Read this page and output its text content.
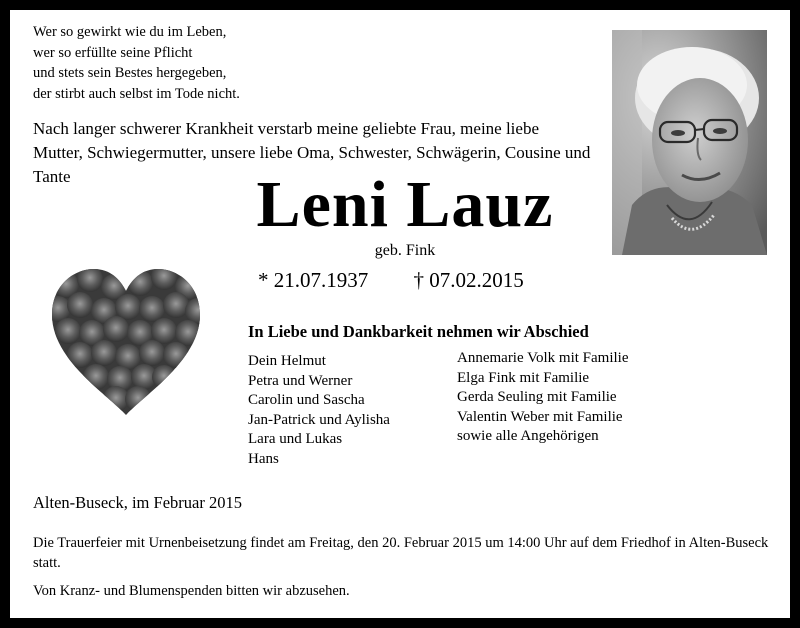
Wer so gewirkt wie du im Leben,
wer so erfüllte seine Pflicht
und stets sein Bestes hergegeben,
der stirbt auch selbst im Tode nicht.
Nach langer schwerer Krankheit verstarb meine geliebte Frau, meine liebe Mutter, Schwiegermutter, unsere liebe Oma, Schwester, Schwägerin, Cousine und Tante	Leni Lauz
geb. Fink
* 21.07.1937 † 07.02.2015
In Liebe und Dankbarkeit nehmen wir Abschied
Dein Helmut
Petra und Werner
Carolin und Sascha
Jan-Patrick und Aylisha
Lara und Lukas
Hans
Annemarie Volk mit Familie
Elga Fink mit Familie
Gerda Seuling mit Familie
Valentin Weber mit Familie
sowie alle Angehörigen
Alten-Buseck, im Februar 2015
Die Trauerfeier mit Urnenbeisetzung findet am Freitag, den 20. Februar 2015 um 14:00 Uhr auf dem Friedhof in Alten-Buseck statt.
Von Kranz- und Blumenspenden bitten wir abzusehen.
